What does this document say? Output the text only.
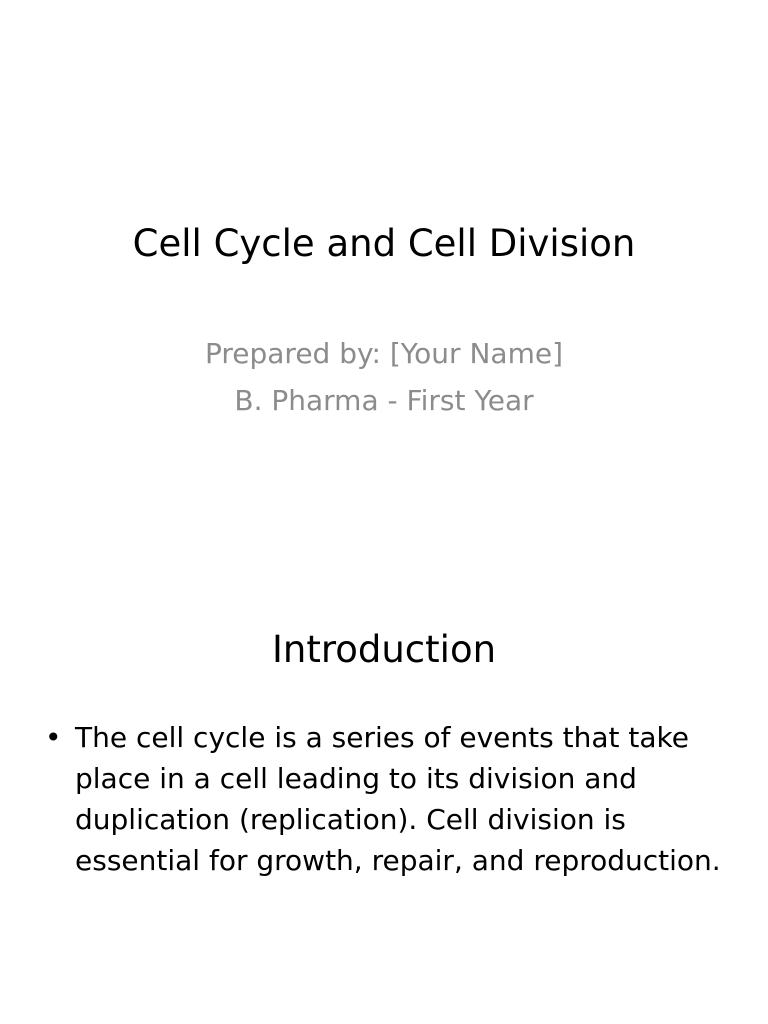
Cell Cycle and Cell Division
Prepared by: [Your Name]
B. Pharma - First Year
Introduction
• The cell cycle is a series of events that take place in a cell leading to its division and duplication (replication). Cell division is essential for growth, repair, and reproduction.
